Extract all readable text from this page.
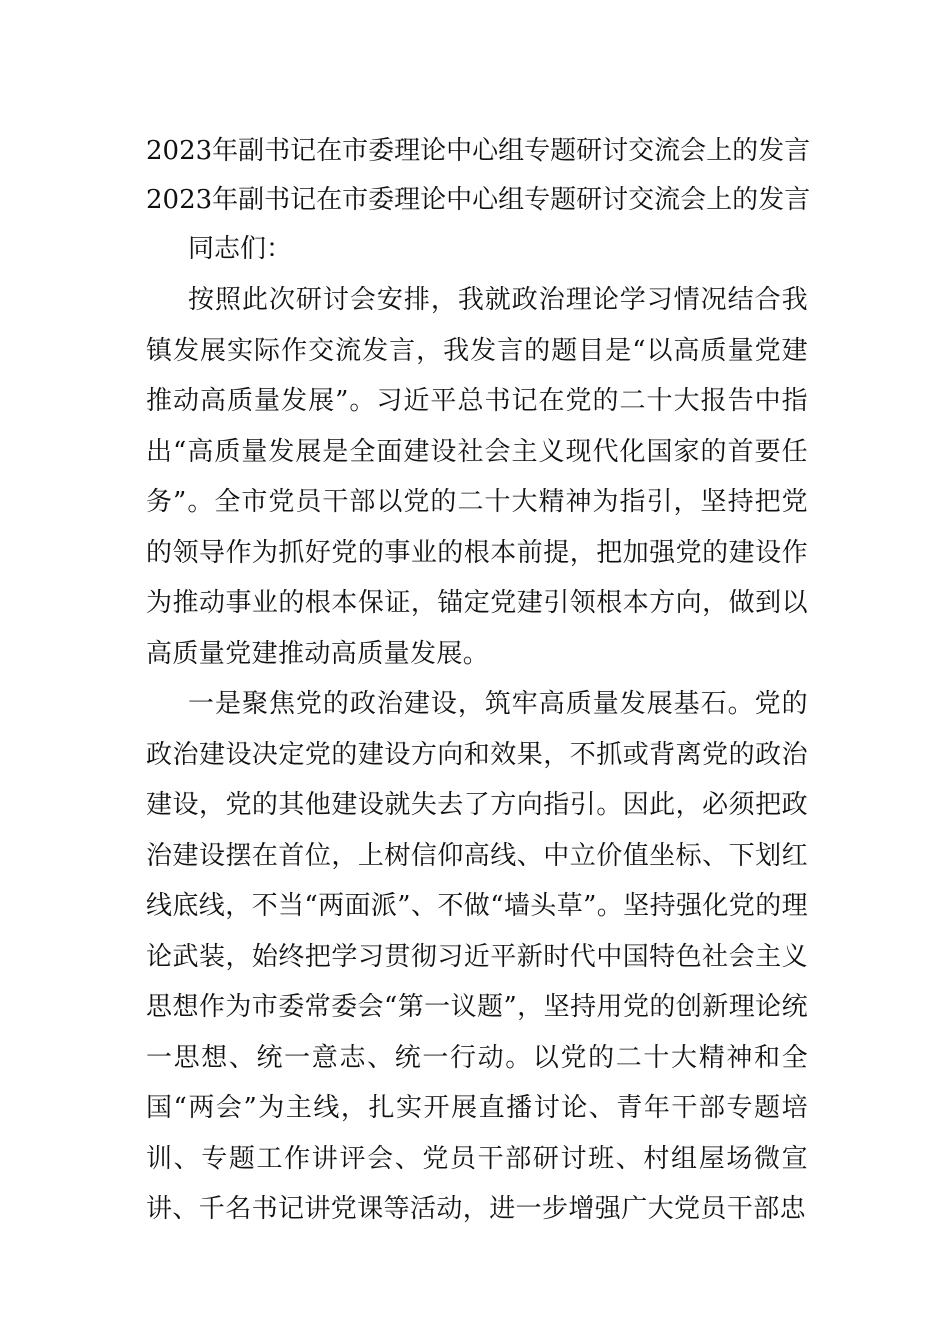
2023年副书记在市委理论中心组专题研讨交流会上的发言
2023年副书记在市委理论中心组专题研讨交流会上的发言
同志们：
按照此次研讨会安排，我就政治理论学习情况结合我镇发展实际作交流发言，我发言的题目是“以高质量党建推动高质量发展”。习近平总书记在党的二十大报告中指出“高质量发展是全面建设社会主义现代化国家的首要任务”。全市党员干部以党的二十大精神为指引，坚持把党的领导作为抓好党的事业的根本前提，把加强党的建设作为推动事业的根本保证，锚定党建引领根本方向，做到以高质量党建推动高质量发展。
一是聚焦党的政治建设，筑牢高质量发展基石。党的政治建设决定党的建设方向和效果，不抓或背离党的政治建设，党的其他建设就失去了方向指引。因此，必须把政治建设摆在首位，上树信仰高线、中立价值坐标、下划红线底线，不当“两面派”、不做“墙头草”。坚持强化党的理论武装，始终把学习贯彻习近平新时代中国特色社会主义思想作为市委常委会“第一议题”，坚持用党的创新理论统一思想、统一意志、统一行动。以党的二十大精神和全国“两会”为主线，扎实开展直播讨论、青年干部专题培训、专题工作讲评会、党员干部研讨班、村组屋场微宣讲、千名书记讲党课等活动，进一步增强广大党员干部忠
